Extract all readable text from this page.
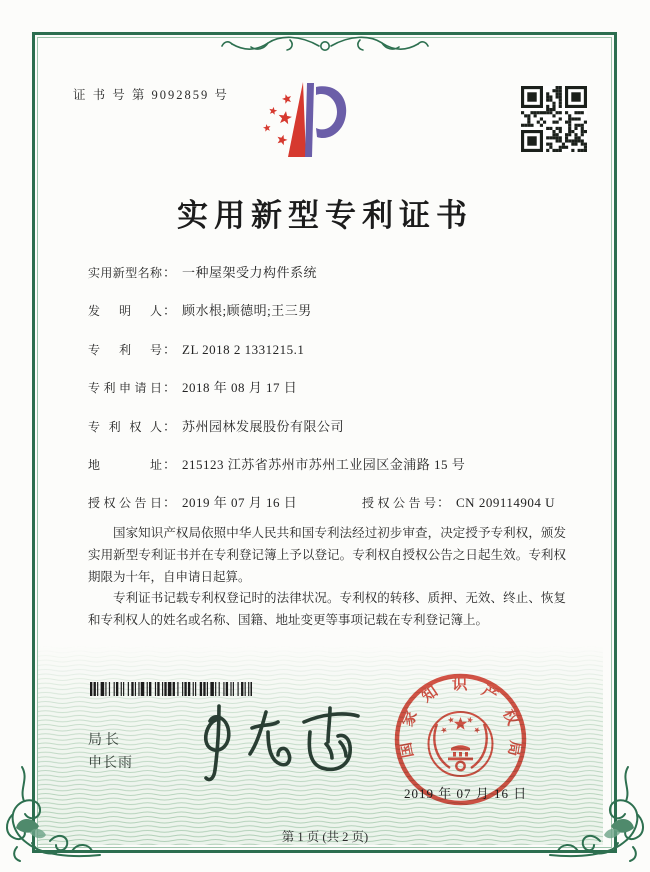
证 书 号 第 9092859 号
实用新型专利证书
实用新型名称： 一种屋架受力构件系统
发明人： 顾水根;顾德明;王三男
专利号： ZL 2018 2 1331215.1
专利申请日： 2018 年 08 月 17 日
专利权人： 苏州园林发展股份有限公司
地址： 215123 江苏省苏州市苏州工业园区金浦路 15 号
授权公告日： 2019 年 07 月 16 日	授权公告号： CN 209114904 U

国家知识产权局依照中华人民共和国专利法经过初步审查，决定授予专利权，颁发实用新型专利证书并在专利登记簿上予以登记。专利权自授权公告之日起生效。专利权期限为十年，自申请日起算。

专利证书记载专利权登记时的法律状况。专利权的转移、质押、无效、终止、恢复和专利权人的姓名或名称、国籍、地址变更等事项记载在专利登记簿上。

局长
申长雨
国家知识产权局
2019 年 07 月 16 日
第 1 页 (共 2 页)
